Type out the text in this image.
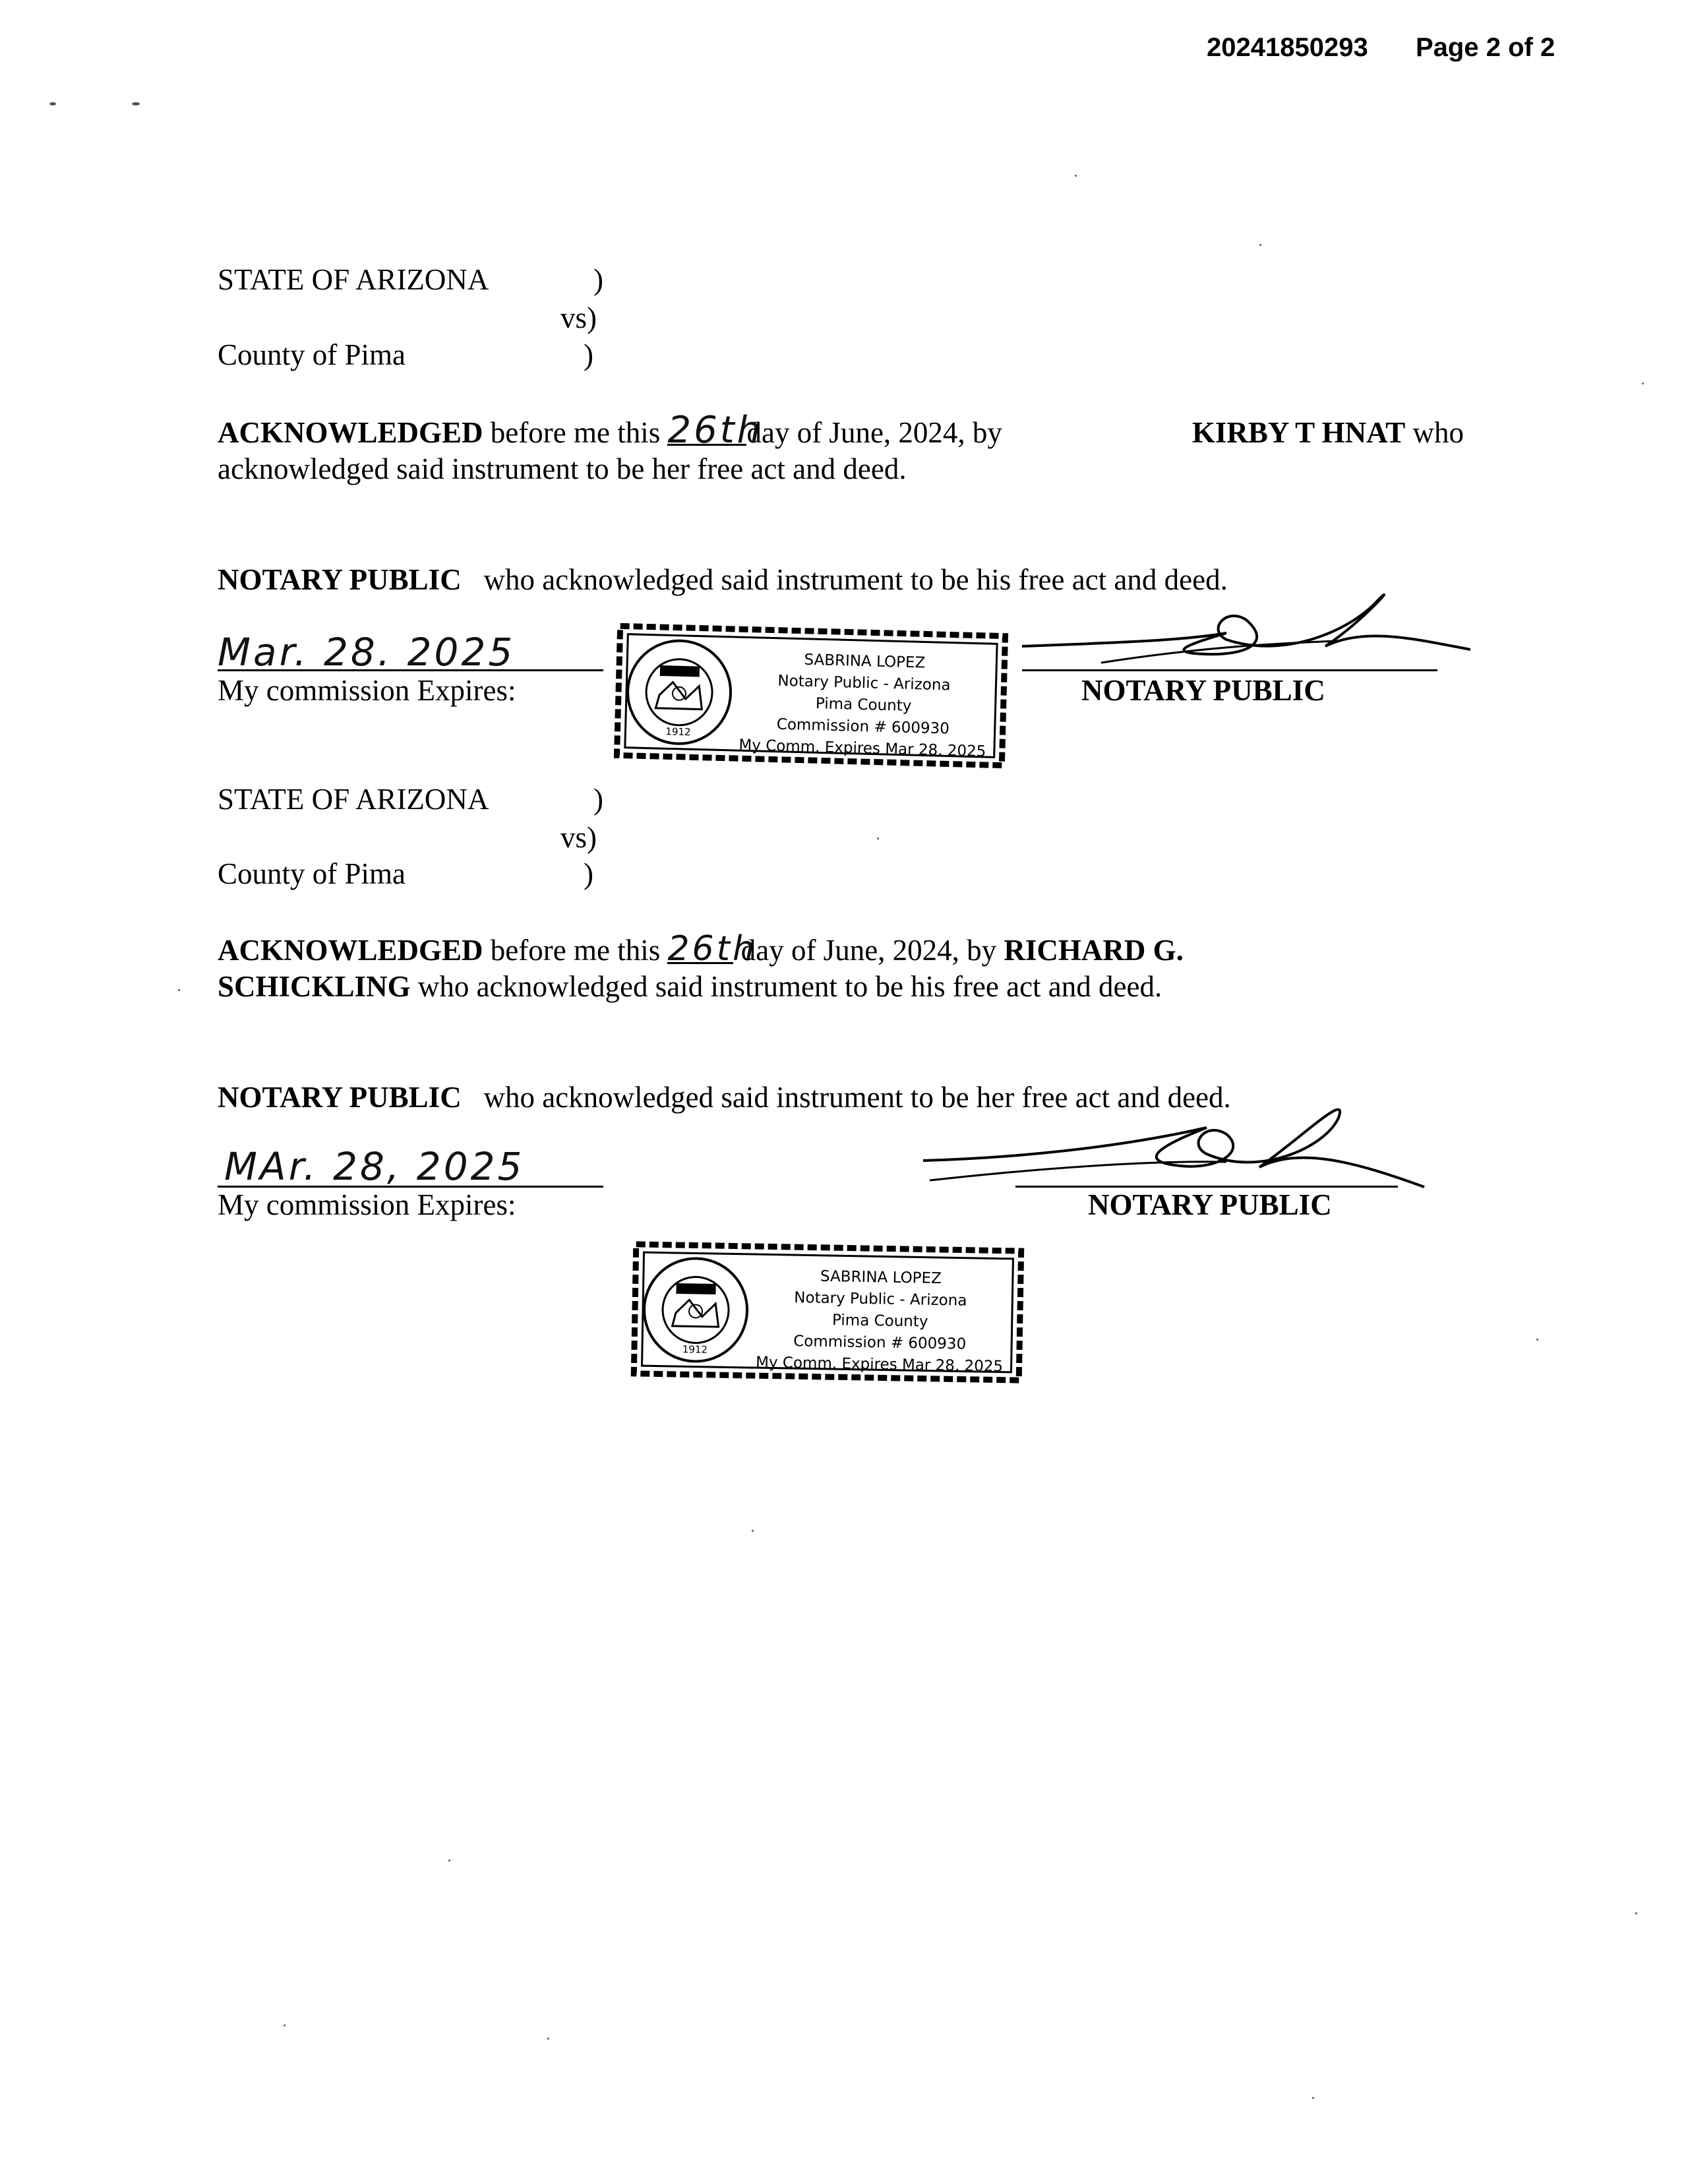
20241850293 Page 2 of 2
STATE OF ARIZONA	)
vs)
County of Pima	)
ACKNOWLEDGED before me this 26thday of June, 2024, by	KIRBY T HNAT who
acknowledged said instrument to be her free act and deed.
NOTARY PUBLIC who acknowledged said instrument to be his free act and deed.
Mar. 28. 2025
My commission Expires:	NOTARY PUBLIC
1912
SABRINA LOPEZ
Notary Public - Arizona
Pima County
Commission # 600930
My Comm. Expires Mar 28, 2025
STATE OF ARIZONA	)
vs)
County of Pima	)
ACKNOWLEDGED before me this 26th day of June, 2024, by RICHARD G.
SCHICKLING who acknowledged said instrument to be his free act and deed.
NOTARY PUBLIC who acknowledged said instrument to be her free act and deed.
MAr. 28, 2025
My commission Expires:	NOTARY PUBLIC
1912
SABRINA LOPEZ
Notary Public - Arizona
Pima County
Commission # 600930
My Comm. Expires Mar 28, 2025
